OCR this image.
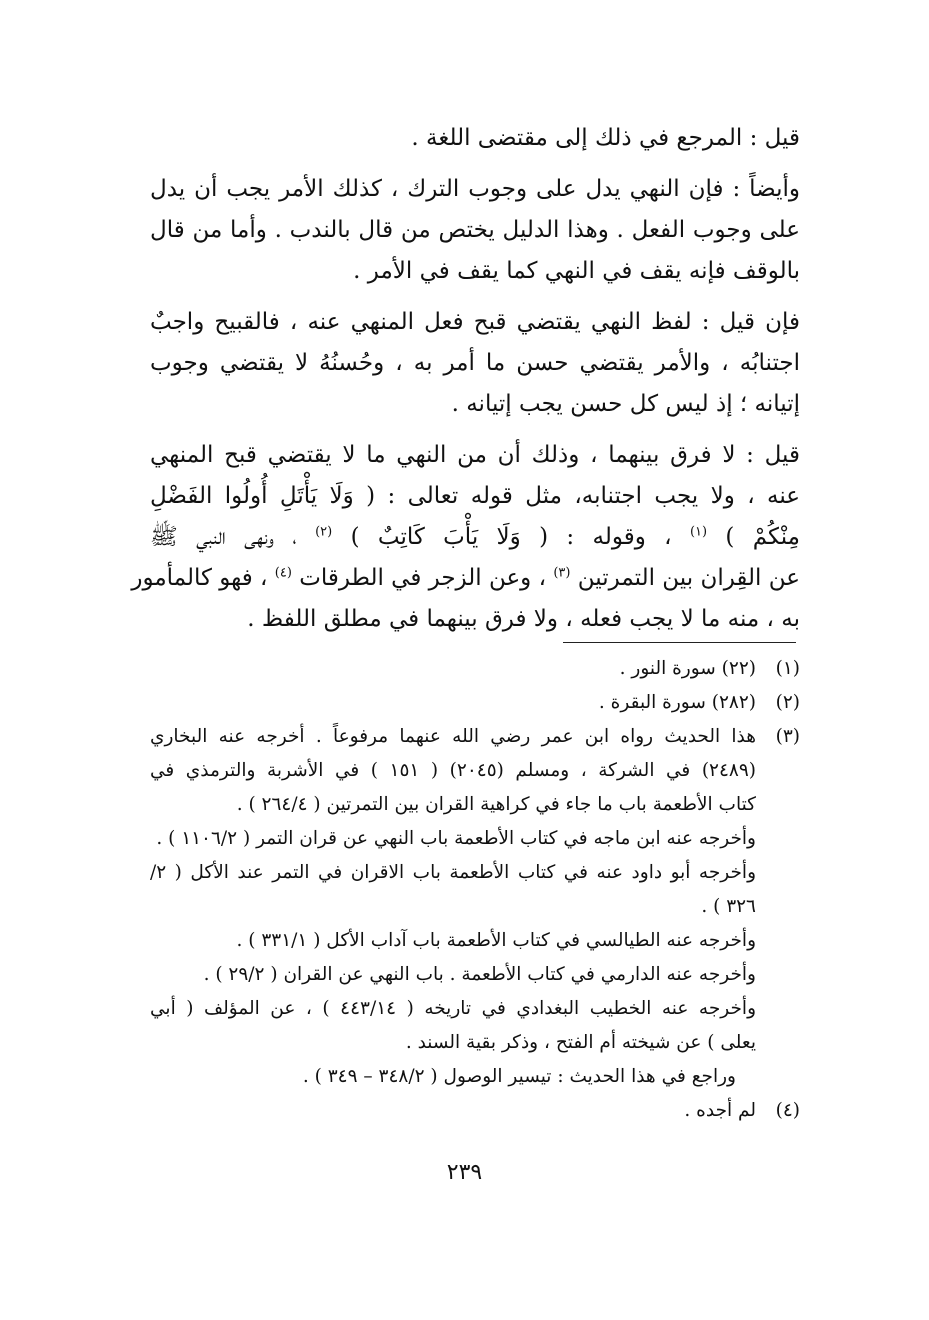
قيل : المرجع في ذلك إلى مقتضى اللغة .

وأيضاً : فإن النهي يدل على وجوب الترك ، كذلك الأمر يجب أن يدل
على وجوب الفعل . وهذا الدليل يختص من قال بالندب . وأما من قال
بالوقف فإنه يقف في النهي كما يقف في الأمر .

فإن قيل : لفظ النهي يقتضي قبح فعل المنهي عنه ، فالقبيح واجبٌ
اجتنابُه ، والأمر يقتضي حسن ما أمر به ، وحُسنُهُ لا يقتضي وجوب
إتيانه ؛ إذ ليس كل حسن يجب إتيانه .

قيل : لا فرق بينهما ، وذلك أن من النهي ما لا يقتضي قبح المنهي
عنه ، ولا يجب اجتنابه، مثل قوله تعالى : ( وَلَا يَأْتَلِ أُولُوا الفَضْلِ
مِنْكُمْ ) $^{(١)}$ ، وقوله : ( وَلَا يَأْبَ كَاتِبٌ ) $^{(٢)}$ ، ونهى النبي ﷺ
عن القِران بين التمرتين $^{(٣)}$ ، وعن الزجر في الطرقات $^{(٤)}$ ، فهو كالمأمور
به ، منه ما لا يجب فعله ، ولا فرق بينهما في مطلق اللفظ .

(١)
(٢٢) سورة النور .
(٢)
(٢٨٢) سورة البقرة .
(٣)
هذا الحديث رواه ابن عمر رضي الله عنهما مرفوعاً . أخرجه عنه البخاري
(٢٤٨٩) في الشركة ، ومسلم (٢٠٤٥) ( ١٥١ ) في الأشربة والترمذي في
كتاب الأطعمة باب ما جاء في كراهية القران بين التمرتين ( ٢٦٤/٤ ) .
وأخرجه عنه ابن ماجه في كتاب الأطعمة باب النهي عن قران التمر ( ١١٠٦/٢ ) .
وأخرجه أبو داود عنه في كتاب الأطعمة باب الاقران في التمر عند الأكل ( ٢/
٣٢٦ ) .
وأخرجه عنه الطيالسي في كتاب الأطعمة باب آداب الأكل ( ٣٣١/١ ) .
وأخرجه عنه الدارمي في كتاب الأطعمة . باب النهي عن القران ( ٢٩/٢ ) .
وأخرجه عنه الخطيب البغدادي في تاريخه ( ٤٤٣/١٤ ) ، عن المؤلف ( أبي
يعلى ) عن شيخته أم الفتح ، وذكر بقية السند .
وراجع في هذا الحديث : تيسير الوصول ( ٣٤٨/٢ – ٣٤٩ ) .
(٤)
لم أجده .
٢٣٩
